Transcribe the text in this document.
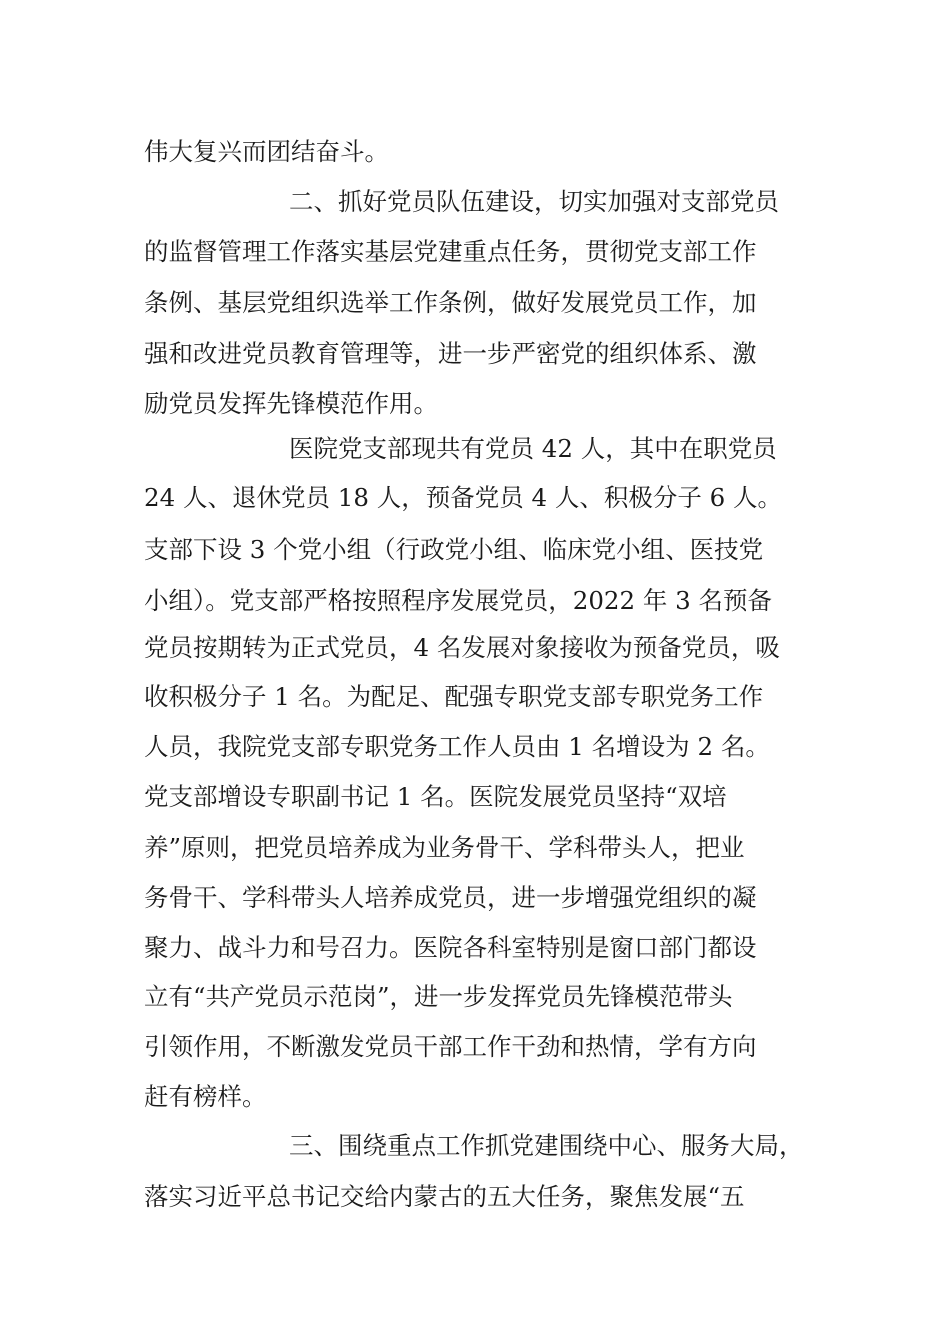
伟大复兴而团结奋斗。
二、抓好党员队伍建设，切实加强对支部党员
的监督管理工作落实基层党建重点任务，贯彻党支部工作
条例、基层党组织选举工作条例，做好发展党员工作，加
强和改进党员教育管理等，进一步严密党的组织体系、激
励党员发挥先锋模范作用。
医院党支部现共有党员 42 人，其中在职党员
24 人、退休党员 18 人，预备党员 4 人、积极分子 6 人。
支部下设 3 个党小组（行政党小组、临床党小组、医技党
小组）。党支部严格按照程序发展党员，2022 年 3 名预备
党员按期转为正式党员，4 名发展对象接收为预备党员，吸
收积极分子 1 名。为配足、配强专职党支部专职党务工作
人员，我院党支部专职党务工作人员由 1 名增设为 2 名。
党支部增设专职副书记 1 名。医院发展党员坚持“双培
养”原则，把党员培养成为业务骨干、学科带头人，把业
务骨干、学科带头人培养成党员，进一步增强党组织的凝
聚力、战斗力和号召力。医院各科室特别是窗口部门都设
立有“共产党员示范岗”，进一步发挥党员先锋模范带头
引领作用，不断激发党员干部工作干劲和热情，学有方向
赶有榜样。
三、围绕重点工作抓党建围绕中心、服务大局，
落实习近平总书记交给内蒙古的五大任务，聚焦发展“五
